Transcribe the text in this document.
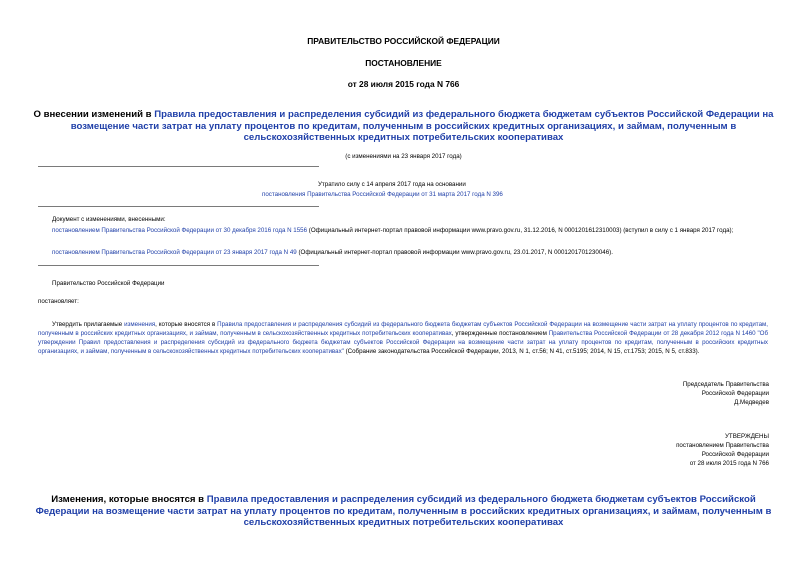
ПРАВИТЕЛЬСТВО РОССИЙСКОЙ ФЕДЕРАЦИИ
ПОСТАНОВЛЕНИЕ
от 28 июля 2015 года N 766
О внесении изменений в Правила предоставления и распределения субсидий из федерального бюджета бюджетам субъектов Российской Федерации на возмещение части затрат на уплату процентов по кредитам, полученным в российских кредитных организациях, и займам, полученным в сельскохозяйственных кредитных потребительских кооперативах
(с изменениями на 23 января 2017 года)
Утратило силу с 14 апреля 2017 года на основании
постановления Правительства Российской Федерации от 31 марта 2017 года N 396
Документ с изменениями, внесенными:
постановлением Правительства Российской Федерации от 30 декабря 2016 года N 1556 (Официальный интернет-портал правовой информации www.pravo.gov.ru, 31.12.2016, N 0001201612310003) (вступил в силу с 1 января 2017 года);
постановлением Правительства Российской Федерации от 23 января 2017 года N 49 (Официальный интернет-портал правовой информации www.pravo.gov.ru, 23.01.2017, N 0001201701230046).
Правительство Российской Федерации
постановляет:
Утвердить прилагаемые изменения, которые вносятся в Правила предоставления и распределения субсидий из федерального бюджета бюджетам субъектов Российской Федерации на возмещение части затрат на уплату процентов по кредитам, полученным в российских кредитных организациях, и займам, полученным в сельскохозяйственных кредитных потребительских кооперативах, утвержденные постановлением Правительства Российской Федерации от 28 декабря 2012 года N 1460 "Об утверждении Правил предоставления и распределения субсидий из федерального бюджета бюджетам субъектов Российской Федерации на возмещение части затрат на уплату процентов по кредитам, полученным в российских кредитных организациях, и займам, полученным в сельскохозяйственных кредитных потребительских кооперативах" (Собрание законодательства Российской Федерации, 2013, N 1, ст.56; N 41, ст.5195; 2014, N 15, ст.1753; 2015, N 5, ст.833).
Председатель Правительства
Российской Федерации
Д.Медведев
УТВЕРЖДЕНЫ
постановлением Правительства
Российской Федерации
от 28 июля 2015 года N 766
Изменения, которые вносятся в Правила предоставления и распределения субсидий из федерального бюджета бюджетам субъектов Российской Федерации на возмещение части затрат на уплату процентов по кредитам, полученным в российских кредитных организациях, и займам, полученным в сельскохозяйственных кредитных потребительских кооперативах
